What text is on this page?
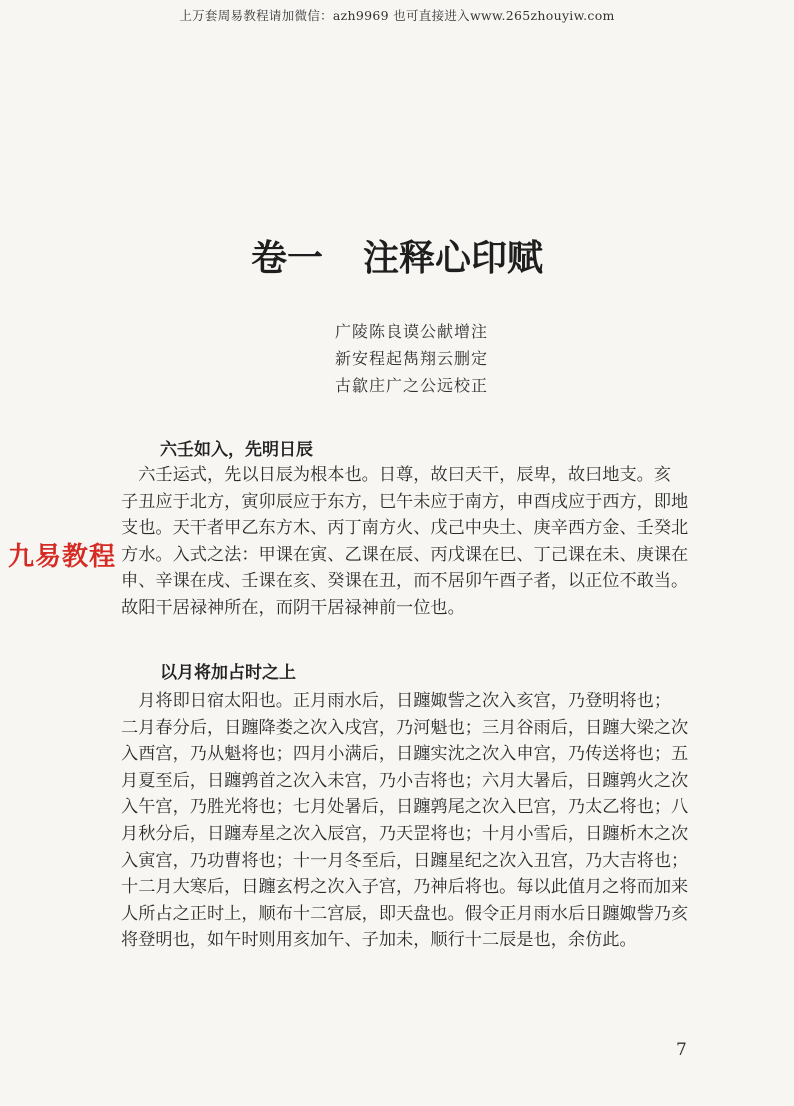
上万套周易教程请加微信：azh9969 也可直接进入www.265zhouyiw.com
卷一 注释心印赋
广陵陈良谟公献增注
新安程起雋翔云删定
古歙庄广之公远校正
六壬如入，先明日辰
　六壬运式，先以日辰为根本也。日尊，故曰天干，辰卑，故曰地支。亥
子丑应于北方，寅卯辰应于东方，巳午未应于南方，申酉戌应于西方，即地
支也。天干者甲乙东方木、丙丁南方火、戊己中央土、庚辛西方金、壬癸北
方水。入式之法：甲课在寅、乙课在辰、丙戊课在巳、丁己课在未、庚课在
申、辛课在戌、壬课在亥、癸课在丑，而不居卯午酉子者，以正位不敢当。
故阳干居禄神所在，而阴干居禄神前一位也。
以月将加占时之上
　月将即日宿太阳也。正月雨水后，日躔娵訾之次入亥宫，乃登明将也；
二月春分后，日躔降娄之次入戌宫，乃河魁也；三月谷雨后，日躔大梁之次
入酉宫，乃从魁将也；四月小满后，日躔实沈之次入申宫，乃传送将也；五
月夏至后，日躔鹑首之次入未宫，乃小吉将也；六月大暑后，日躔鹑火之次
入午宫，乃胜光将也；七月处暑后，日躔鹑尾之次入巳宫，乃太乙将也；八
月秋分后，日躔寿星之次入辰宫，乃天罡将也；十月小雪后，日躔析木之次
入寅宫，乃功曹将也；十一月冬至后，日躔星纪之次入丑宫，乃大吉将也；
十二月大寒后，日躔玄枵之次入子宫，乃神后将也。每以此值月之将而加来
人所占之正时上，顺布十二宫辰，即天盘也。假令正月雨水后日躔娵訾乃亥
将登明也，如午时则用亥加午、子加未，顺行十二辰是也，余仿此。
九易教程
7
